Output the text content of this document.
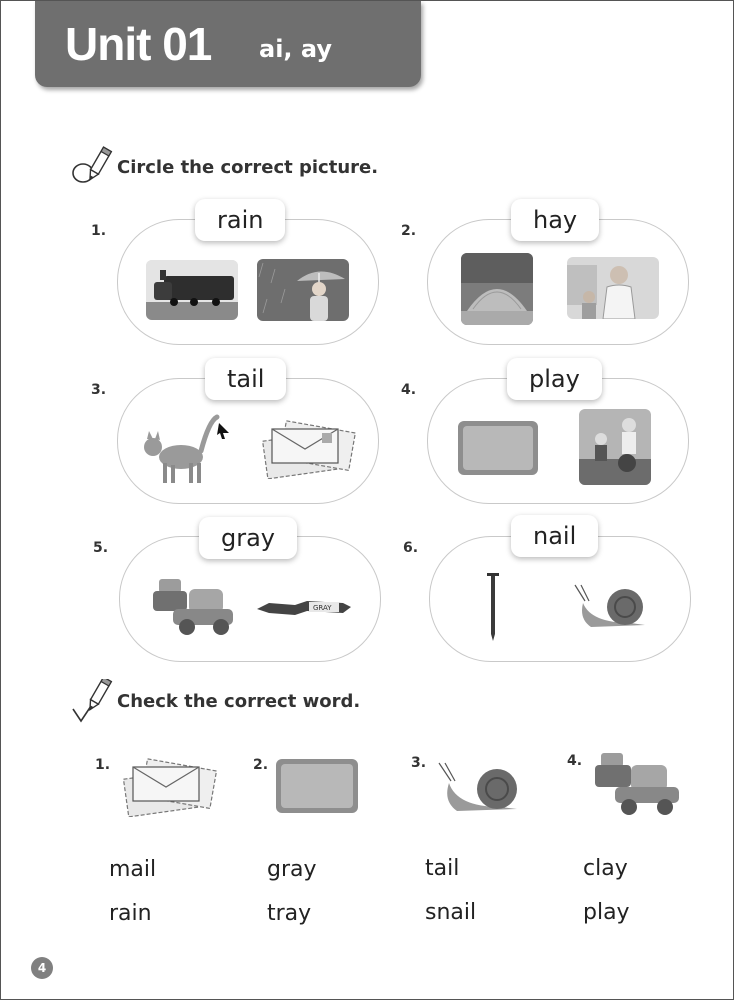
Unit 01 ai, ay
Circle the correct picture.
1.	rain	2.	hay
3.	tail	4.	play
5.	gray
GRAY
6.	nail
Check the correct word.
1.
mail
rain
2.
gray
tray
3.
tail
snail
4.
clay
play
4
